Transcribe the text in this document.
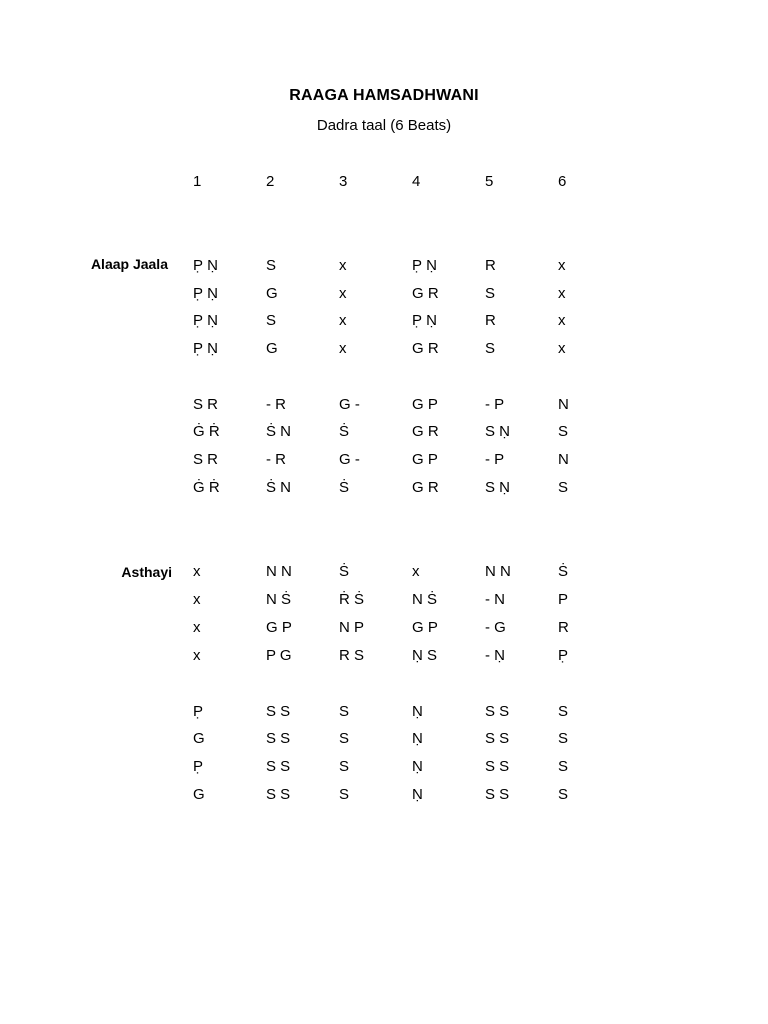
RAAGA HAMSADHWANI
Dadra taal (6 Beats)
1	2	3	4	5	6
Alaap Jaala P̣ Ṇ	S	x	P̣ Ṇ	R	x
P̣ Ṇ	G	x	G R	S	x
P̣ Ṇ	S	x	P̣ Ṇ	R	x
P̣ Ṇ	G	x	G R	S	x
S R	- R	G -	G P	- P	N
Ġ Ṙ	Ṡ N	Ṡ	G R	S Ṇ	S
S R	- R	G -	G P	- P	N
Ġ Ṙ	Ṡ N	Ṡ	G R	S Ṇ	S
Asthayi x	N N	Ṡ	x	N N	Ṡ
x	N Ṡ	Ṙ Ṡ	N Ṡ	- N	P
x	G P	N P	G P	- G	R
x	P G	R S	Ṇ S	- Ṇ	P̣
P̣	S S	S	Ṇ	S S	S
G	S S	S	Ṇ	S S	S
P̣	S S	S	Ṇ	S S	S
G	S S	S	Ṇ	S S	S
